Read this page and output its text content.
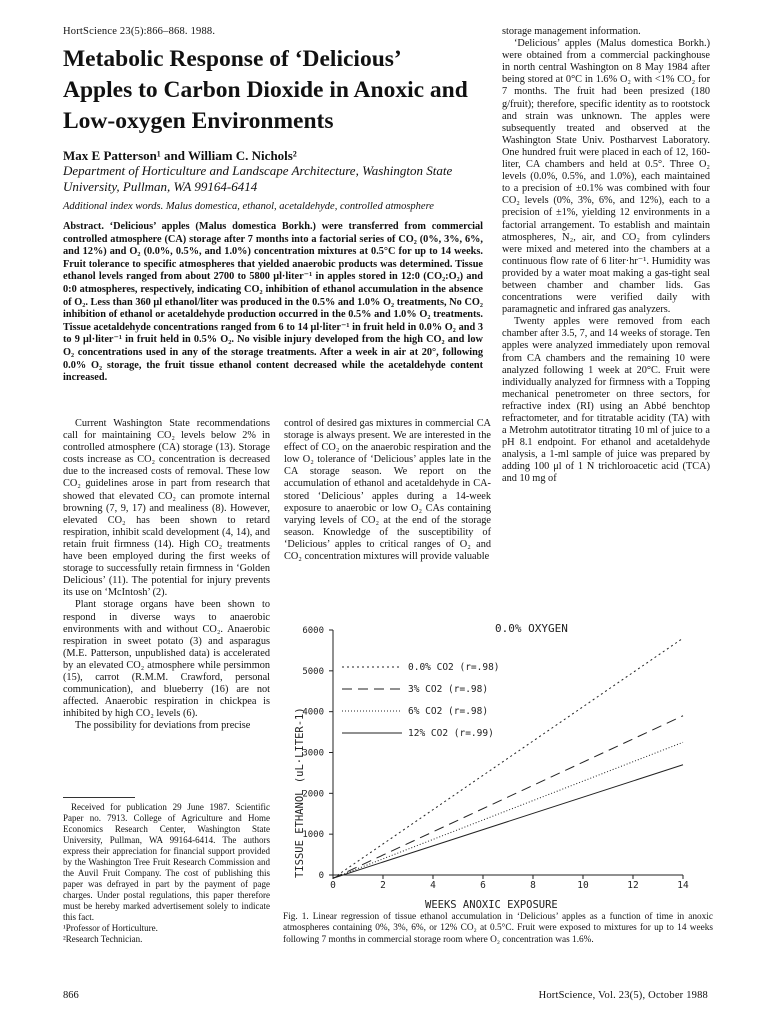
HortScience 23(5):866–868. 1988.
Metabolic Response of ‘Delicious’ Apples to Carbon Dioxide in Anoxic and Low-oxygen Environments
Max E Patterson¹ and William C. Nichols²
Department of Horticulture and Landscape Architecture, Washington State University, Pullman, WA 99164-6414
Additional index words. Malus domestica, ethanol, acetaldehyde, controlled atmosphere
Abstract. ‘Delicious’ apples (Malus domestica Borkh.) were transferred from commercial controlled atmosphere (CA) storage after 7 months into a factorial series of CO₂ (0%, 3%, 6%, and 12%) and O₂ (0.0%, 0.5%, and 1.0%) concentration mixtures at 0.5°C for up to 14 weeks. Fruit tolerance to specific atmospheres that yielded anaerobic products was determined. Tissue ethanol levels ranged from about 2700 to 5800 μl·liter⁻¹ in apples stored in 12:0 (CO₂:O₂) and 0:0 atmospheres, respectively, indicating CO₂ inhibition of ethanol accumulation in the absence of O₂. Less than 360 μl ethanol/liter was produced in the 0.5% and 1.0% O₂ treatments, No CO₂ inhibition of ethanol or acetaldehyde production occurred in the 0.5% and 1.0% O₂ treatments. Tissue acetaldehyde concentrations ranged from 6 to 14 μl·liter⁻¹ in fruit held in 0.0% O₂ and 3 to 9 μl·liter⁻¹ in fruit held in 0.5% O₂. No visible injury developed from the high CO₂ and low O₂ concentrations used in any of the storage treatments. After a week in air at 20°, following 0.0% O₂ storage, the fruit tissue ethanol content decreased while the acetaldehyde content increased.

Current Washington State recommendations call for maintaining CO₂ levels below 2% in controlled atmosphere (CA) storage (13). Storage costs increase as CO₂ concentration is decreased due to the increased costs of removal. These low CO₂ guidelines arose in part from research that showed that elevated CO₂ can promote internal browning (7, 9, 17) and mealiness (8). However, elevated CO₂ has been shown to retard respiration, inhibit scald development (4, 14), and retain fruit firmness (14). High CO₂ treatments have been employed during the first weeks of storage to successfully retain firmness in ‘Golden Delicious’ (11). The potential for injury prevents its use on ‘McIntosh’ (2).

Plant storage organs have been shown to respond in diverse ways to anaerobic environments with and without CO₂. Anaerobic respiration in sweet potato (3) and asparagus (M.E. Patterson, unpublished data) is accelerated by an elevated CO₂ atmosphere while persimmon (15), carrot (R.M.M. Crawford, personal communication), and blueberry (16) are not affected. Anaerobic respiration in chickpea is inhibited by high CO₂ levels (6).

The possibility for deviations from precise

control of desired gas mixtures in commercial CA storage is always present. We are interested in the effect of CO₂ on the anaerobic respiration and the low O₂ tolerance of ‘Delicious’ apples late in the CA storage season. We report on the accumulation of ethanol and acetaldehyde in CA-stored ‘Delicious’ apples during a 14-week exposure to anaerobic or low O₂ CAs containing varying levels of CO₂ at the end of the storage season. Knowledge of the susceptibility of ‘Delicious’ apples to critical ranges of O₂ and CO₂ concentration mixtures will provide valuable

storage management information.

‘Delicious’ apples (Malus domestica Borkh.) were obtained from a commercial packinghouse in north central Washington on 8 May 1984 after being stored at 0°C in 1.6% O₂ with <1% CO₂ for 7 months. The fruit had been presized (180 g/fruit); therefore, specific identity as to rootstock and strain was unknown. The apples were subsequently treated and observed at the Washington State Univ. Postharvest Laboratory. One hundred fruit were placed in each of 12, 160-liter, CA chambers and held at 0.5°. Three O₂ levels (0.0%, 0.5%, and 1.0%), each maintained to a precision of ±0.1% was combined with four CO₂ levels (0%, 3%, 6%, and 12%), each to a precision of ±1%, yielding 12 environments in a factorial arrangement. To establish and maintain atmospheres, N₂, air, and CO₂ from cylinders were mixed and metered into the chambers at a continuous flow rate of 6 liter·hr⁻¹. Humidity was provided by a water moat making a gas-tight seal between chamber and chamber lids. Gas concentrations were verified daily with paramagnetic and infrared gas analyzers.

Twenty apples were removed from each chamber after 3.5, 7, and 14 weeks of storage. Ten apples were analyzed immediately upon removal from CA chambers and the remaining 10 were analyzed following 1 week at 20°C. Fruit were individually analyzed for firmness with a Topping mechanical penetrometer on three sectors, for refractive index (RI) using an Abbé benchtop refractometer, and for titratable acidity (TA) with a Metrohm autotitrator titrating 10 ml of juice to a pH 8.1 endpoint. For ethanol and acetaldehyde analysis, a 1-ml sample of juice was prepared by adding 100 μl of 1 N trichloroacetic acid (TCA) and 10 mg of

Received for publication 29 June 1987. Scientific Paper no. 7913. College of Agriculture and Home Economics Research Center, Washington State University, Pullman, WA 99164-6414. The authors express their appreciation for financial support provided by the Washington Tree Fruit Research Commission and the Auvil Fruit Company. The cost of publishing this paper was defrayed in part by the payment of page charges. Under postal regulations, this paper therefore must be hereby marked advertisement solely to indicate this fact.

¹Professor of Horticulture.

²Research Technician.

0	2	4	6	8	10	12	14
0
1000
2000
3000
4000
5000
6000
0.0% CO2 (r=.98)
3% CO2 (r=.98)
6% CO2 (r=.98)
12% CO2 (r=.99)
0.0% OXYGEN
WEEKS ANOXIC EXPOSURE
TISSUE ETHANOL (uL·LITER-1)
Fig. 1. Linear regression of tissue ethanol accumulation in ‘Delicious’ apples as a function of time in anoxic atmospheres containing 0%, 3%, 6%, or 12% CO₂ at 0.5°C. Fruit were exposed to mixtures for up to 14 weeks following 7 months in commercial storage room where O₂ concentration was 1.6%.
866	HortScience, Vol. 23(5), October 1988
